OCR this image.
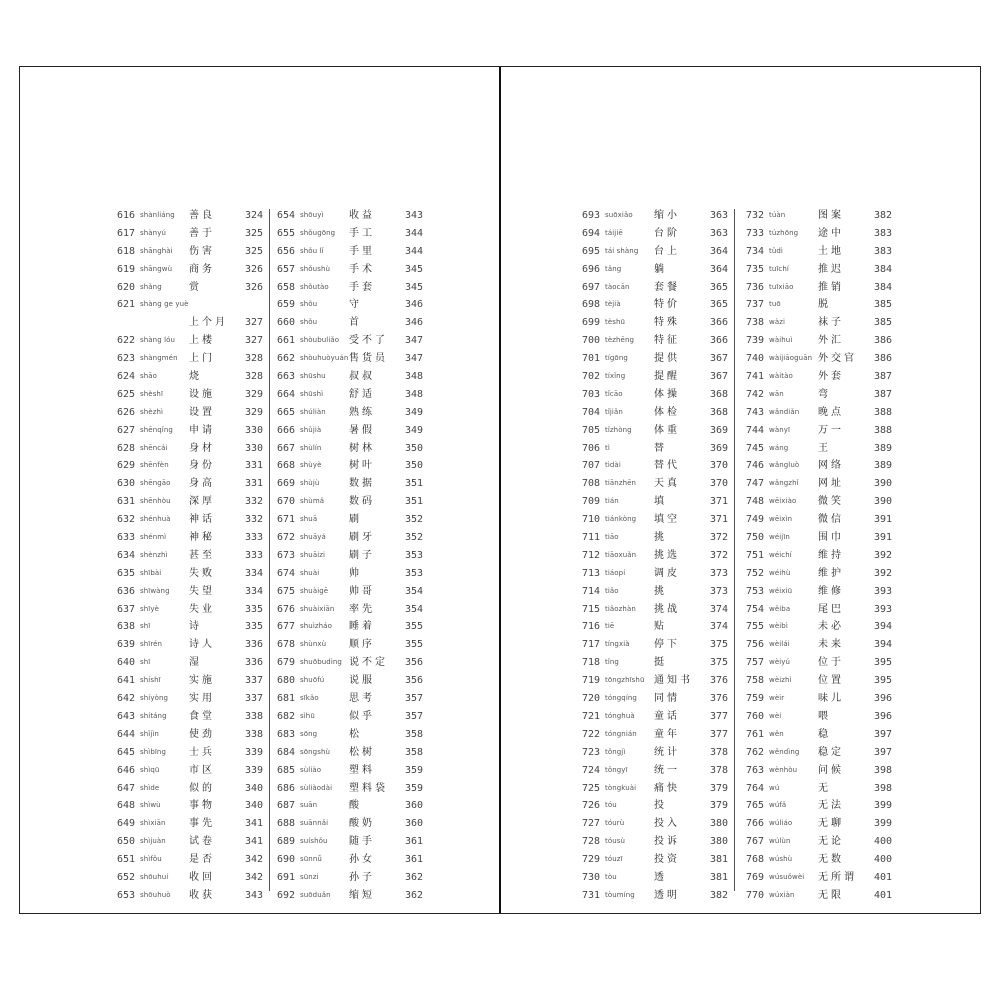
616 shànliáng 善良	324
617 shànyú 善于	325
618 shānghài 伤害	325
619 shāngwù 商务	326
620 shǎng	赏	326
621 shàng ge yuè
上个月 327
622 shàng lóu 上楼	327
623 shàngmén 上门	328
624 shāo	烧	328
625 shèshī	设施	329
626 shèzhì	设置	329
627 shēnqǐng 申请	330
628 shēncái 身材	330
629 shēnfèn 身份	331
630 shēngāo 身高	331
631 shēnhòu 深厚	332
632 shénhuà 神话	332
633 shénmì 神秘	333
634 shènzhì 甚至	333
635 shībài	失败	334
636 shīwàng 失望	334
637 shīyè	失业	335
638 shī	诗	335
639 shīrén	诗人	336
640 shī	湿	336
641 shíshī	实施	337
642 shíyòng 实用	337
643 shítáng 食堂	338
644 shǐjìn	使劲	338
645 shìbīng 士兵	339
646 shìqū	市区	339
647 shìde	似的	340
648 shìwù	事物	340
649 shìxiān 事先	341
650 shìjuàn 试卷	341
651 shìfǒu	是否	342
652 shōuhuí 收回	342
653 shōuhuò 收获	343
654 shōuyì	收益	343
655 shǒugōng 手工	344
656 shǒu lǐ	手里	344
657 shǒushù 手术	345
658 shǒutào 手套	345
659 shǒu	守	346
660 shǒu	首	346
661 shòubuliǎo 受不了 347
662 shòuhuòyuán 售货员 347
663 shūshu 叔叔	348
664 shūshì	舒适	348
665 shúliàn 熟练	349
666 shǔjià	暑假	349
667 shùlín	树林	350
668 shùyè	树叶	350
669 shùjù	数据	351
670 shùmǎ 数码	351
671 shuā	刷	352
672 shuāyá 刷牙	352
673 shuāizi 刷子	353
674 shuài	帅	353
675 shuàigē 帅哥	354
676 shuàixiān 率先	354
677 shuìzháo 睡着	355
678 shùnxù 顺序	355
679 shuōbudìng 说不定 356
680 shuōfú 说服	356
681 sīkǎo	思考	357
682 sìhū	似乎	357
683 sōng	松	358
684 sōngshù 松树	358
685 sùliào	塑料	359
686 sùliàodài 塑料袋 359
687 suān	酸	360
688 suānnǎi 酸奶	360
689 suíshǒu 随手	361
690 sūnnǚ	孙女	361
691 sūnzi	孙子	362
692 suōduǎn 缩短	362
693 suōxiǎo 缩小	363
694 táijiē	台阶	363
695 tái shàng 台上	364
696 tǎng	躺	364
697 tàocān 套餐	365
698 tèjià	特价	365
699 tèshū	特殊	366
700 tèzhēng 特征	366
701 tígōng	提供	367
702 tíxǐng	提醒	367
703 tǐcāo	体操	368
704 tǐjiǎn	体检	368
705 tǐzhòng 体重	369
706 tì	替	369
707 tìdài	替代	370
708 tiānzhēn 天真	370
709 tián	填	371
710 tiánkòng 填空	371
711 tiāo	挑	372
712 tiāoxuǎn 挑选	372
713 tiáopí	调皮	373
714 tiǎo	挑	373
715 tiǎozhàn 挑战	374
716 tiē	贴	374
717 tíngxià 停下	375
718 tǐng	挺	375
719 tōngzhīshū 通知书 376
720 tóngqíng 同情	376
721 tónghuà 童话	377
722 tóngnián 童年	377
723 tǒngjì	统计	378
724 tǒngyī	统一	378
725 tòngkuài 痛快	379
726 tóu	投	379
727 tóurù	投入	380
728 tóusù	投诉	380
729 tóuzī	投资	381
730 tòu	透	381
731 tòumíng 透明	382
732 túàn	图案	382
733 túzhōng 途中	383
734 tǔdì	土地	383
735 tuīchí	推迟	384
736 tuīxiāo 推销	384
737 tuō	脱	385
738 wàzi	袜子	385
739 wàihuì	外汇	386
740 wàijiāoguān 外交官 386
741 wàitào	外套	387
742 wān	弯	387
743 wǎndiǎn 晚点	388
744 wànyī	万一	388
745 wáng	王	389
746 wǎngluò 网络	389
747 wǎngzhǐ 网址	390
748 wēixiào 微笑	390
749 wēixìn	微信	391
750 wéijīn	围巾	391
751 wéichí	维持	392
752 wéihù	维护	392
753 wéixiū	维修	393
754 wěiba	尾巴	393
755 wèibì	未必	394
756 wèilái	未来	394
757 wèiyú	位于	395
758 wèizhì	位置	395
759 wèir	味儿	396
760 wèi	喂	396
761 wěn	稳	397
762 wěndìng 稳定	397
763 wènhòu 问候	398
764 wú	无	398
765 wúfǎ	无法	399
766 wúliáo	无聊	399
767 wúlùn	无论	400
768 wúshù	无数	400
769 wúsuǒwèi 无所谓 401
770 wúxiàn 无限	401
